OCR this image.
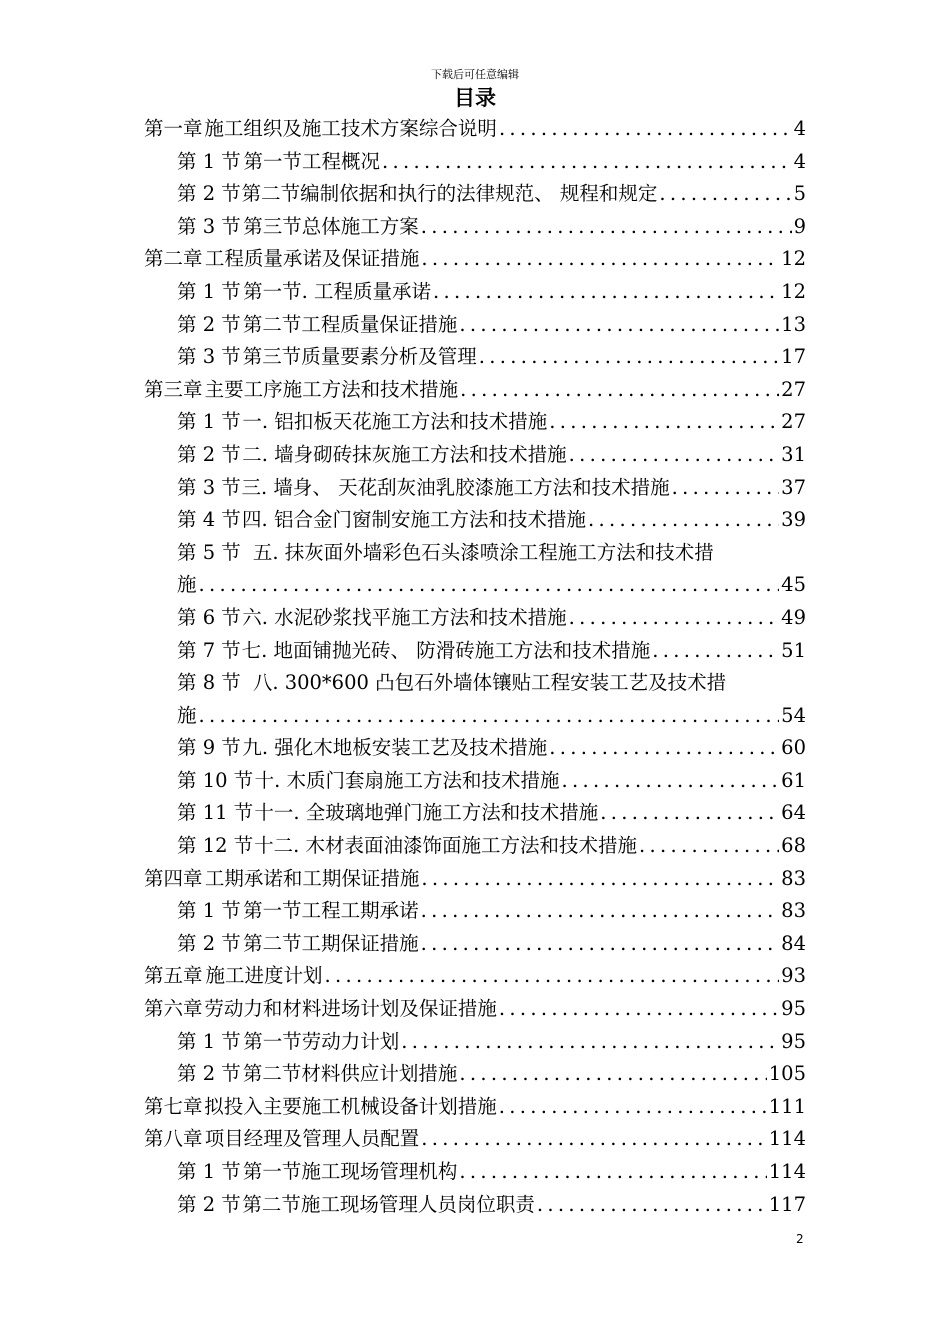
下载后可任意编辑
目录
第一章 施工组织及施工技术方案综合说明 .....	4
第 1 节 第一节工程概况 .....	4
第 2 节 第二节编制依据和执行的法律规范、 规程和规定 .....	5
第 3 节 第三节总体施工方案 .....	9
第二章 工程质量承诺及保证措施 .....	12
第 1 节 第一节. 工程质量承诺 .....	12
第 2 节 第二节工程质量保证措施 .....	13
第 3 节 第三节质量要素分析及管理 .....	17
第三章 主要工序施工方法和技术措施 .....	27
第 1 节 一. 铝扣板天花施工方法和技术措施 .....	27
第 2 节 二. 墙身砌砖抹灰施工方法和技术措施 .....	31
第 3 节 三. 墙身、 天花刮灰油乳胶漆施工方法和技术措施 .....	37
第 4 节 四. 铝合金门窗制安施工方法和技术措施 .....	39
第 5 节 五. 抹灰面外墙彩色石头漆喷涂工程施工方法和技术措
施 .....	45
第 6 节 六. 水泥砂浆找平施工方法和技术措施 .....	49
第 7 节 七. 地面铺抛光砖、 防滑砖施工方法和技术措施 .....	51
第 8 节 八. 300*600 凸包石外墙体镶贴工程安装工艺及技术措
施 .....	54
第 9 节 九. 强化木地板安装工艺及技术措施 .....	60
第 10 节 十. 木质门套扇施工方法和技术措施 .....	61
第 11 节 十一. 全玻璃地弹门施工方法和技术措施 .....	64
第 12 节 十二. 木材表面油漆饰面施工方法和技术措施 .....	68
第四章 工期承诺和工期保证措施 .....	83
第 1 节 第一节工程工期承诺 .....	83
第 2 节 第二节工期保证措施 .....	84
第五章 施工进度计划 .....	93
第六章 劳动力和材料进场计划及保证措施 .....	95
第 1 节 第一节劳动力计划 .....	95
第 2 节 第二节材料供应计划措施 .....	105
第七章 拟投入主要施工机械设备计划措施 .....	111
第八章 项目经理及管理人员配置 .....	114
第 1 节 第一节施工现场管理机构 .....	114
第 2 节 第二节施工现场管理人员岗位职责 .....	117
2
